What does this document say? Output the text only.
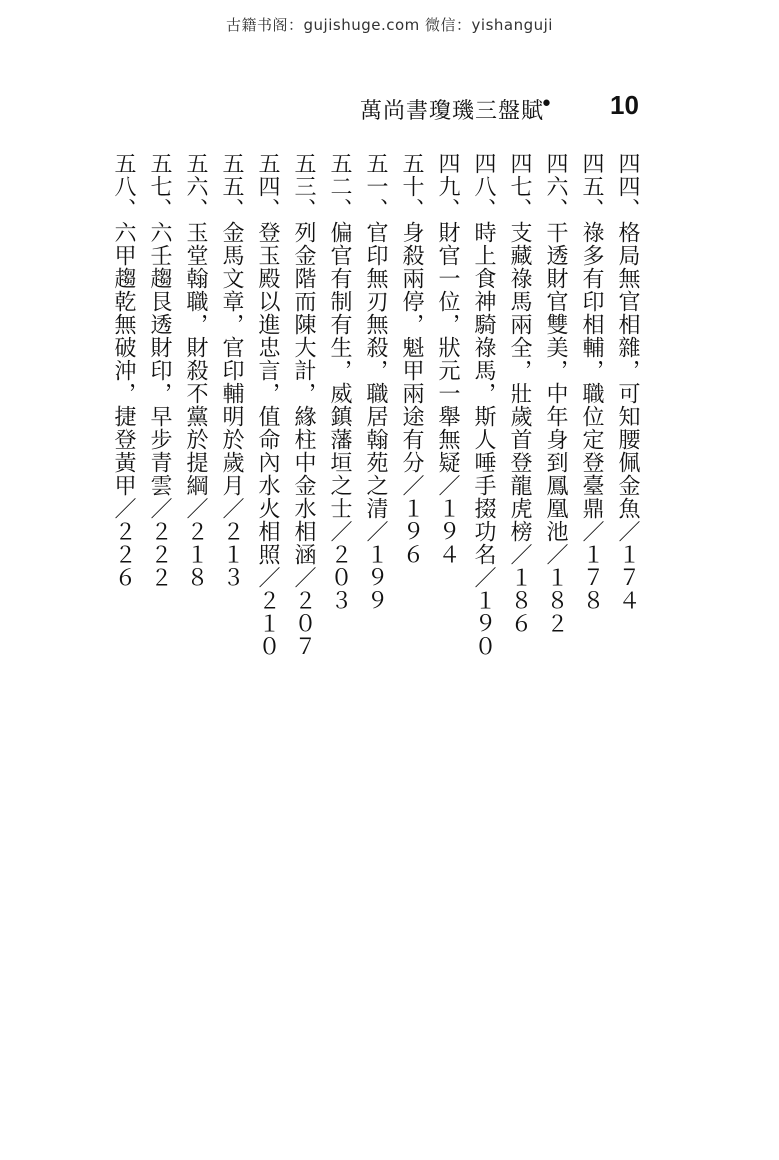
古籍书阁：gujishuge.com 微信：yishanguji
萬尚書瓊璣三盤賦
• 10
四四、格局無官相雜，可知腰佩金魚／１７４
四五、祿多有印相輔，職位定登臺鼎／１７８
四六、干透財官雙美，中年身到鳳凰池／１８２
四七、支藏祿馬兩全，壯歲首登龍虎榜／１８６
四八、時上食神騎祿馬，斯人唾手掇功名／１９０
四九、財官一位，狀元一舉無疑／１９４
五十、身殺兩停，魁甲兩途有分／１９６
五一、官印無刃無殺，職居翰苑之清／１９９
五二、偏官有制有生，威鎮藩垣之士／２０３
五三、列金階而陳大計，緣柱中金水相涵／２０７
五四、登玉殿以進忠言，值命內水火相照／２１０
五五、金馬文章，官印輔明於歲月／２１３
五六、玉堂翰職，財殺不黨於提綱／２１８
五七、六壬趨艮透財印，早步青雲／２２２
五八、六甲趨乾無破沖，捷登黃甲／２２６
